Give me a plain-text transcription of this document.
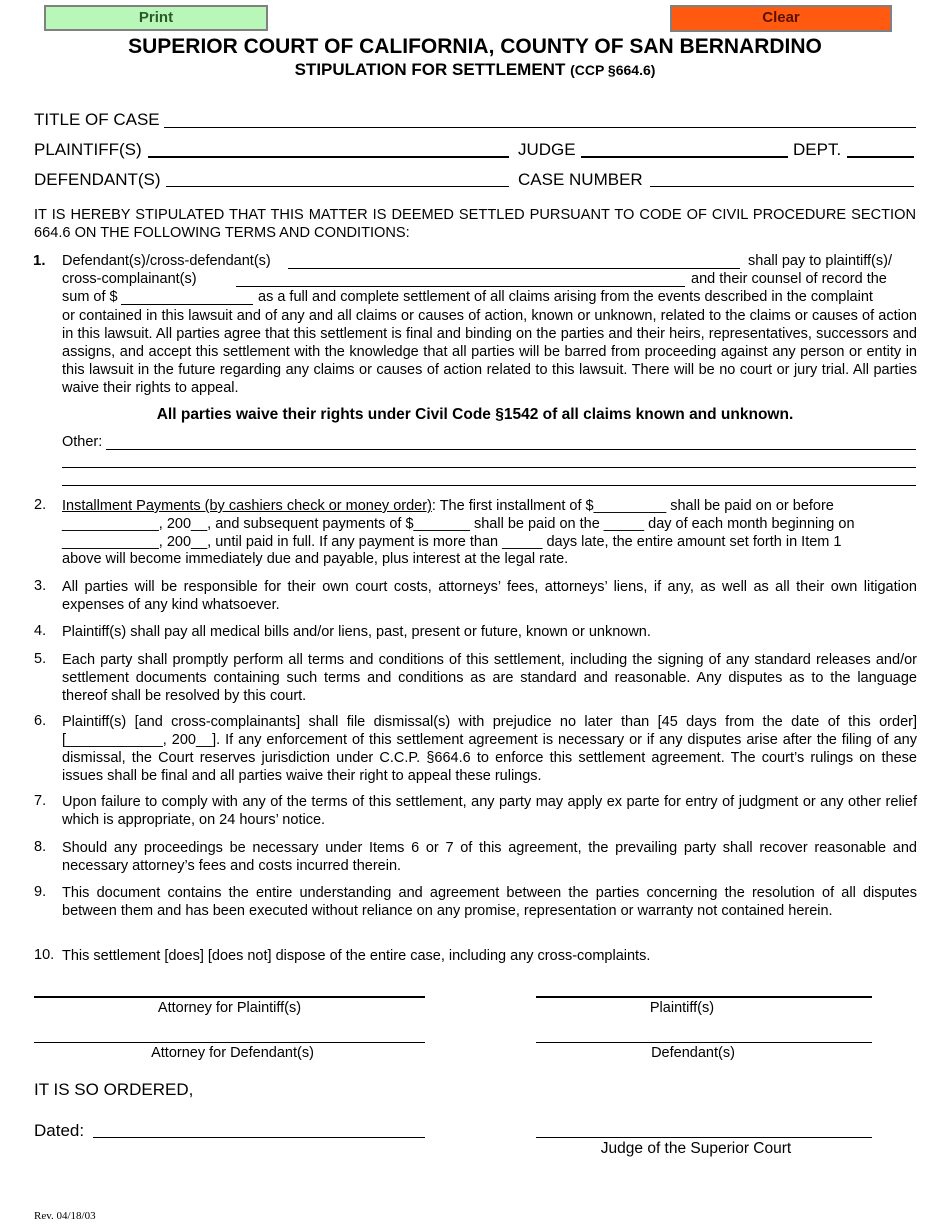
Print	Clear
SUPERIOR COURT OF CALIFORNIA, COUNTY OF SAN BERNARDINO
STIPULATION FOR SETTLEMENT (CCP §664.6)
TITLE OF CASE
PLAINTIFF(S)	JUDGE	DEPT.
DEFENDANT(S)	CASE NUMBER
IT IS HEREBY STIPULATED THAT THIS MATTER IS DEEMED SETTLED PURSUANT TO CODE OF CIVIL PROCEDURE SECTION 664.6 ON THE FOLLOWING TERMS AND CONDITIONS:
1. Defendant(s)/cross-defendant(s)	shall pay to plaintiff(s)/
cross-complainant(s)	and their counsel of record the
sum of $	as a full and complete settlement of all claims arising from the events described in the complaint
or contained in this lawsuit and of any and all claims or causes of action, known or unknown, related to the claims or causes of action in this lawsuit. All parties agree that this settlement is final and binding on the parties and their heirs, representatives, successors and assigns, and accept this settlement with the knowledge that all parties will be barred from proceeding against any person or entity in this lawsuit in the future regarding any claims or causes of action related to this lawsuit. There will be no court or jury trial. All parties waive their rights to appeal.
All parties waive their rights under Civil Code §1542 of all claims known and unknown.
Other:
2. Installment Payments (by cashiers check or money order): The first installment of $_________ shall be paid on or before
____________, 200__, and subsequent payments of $_______ shall be paid on the _____ day of each month beginning on
____________, 200__, until paid in full. If any payment is more than _____ days late, the entire amount set forth in Item 1
above will become immediately due and payable, plus interest at the legal rate.
3. All parties will be responsible for their own court costs, attorneys’ fees, attorneys’ liens, if any, as well as all their own litigation expenses of any kind whatsoever.
4. Plaintiff(s) shall pay all medical bills and/or liens, past, present or future, known or unknown.
5. Each party shall promptly perform all terms and conditions of this settlement, including the signing of any standard releases and/or settlement documents containing such terms and conditions as are standard and reasonable. Any disputes as to the language thereof shall be resolved by this court.
6. Plaintiff(s) [and cross-complainants] shall file dismissal(s) with prejudice no later than [45 days from the date of this order] [____________, 200__]. If any enforcement of this settlement agreement is necessary or if any disputes arise after the filing of any dismissal, the Court reserves jurisdiction under C.C.P. §664.6 to enforce this settlement agreement. The court’s rulings on these issues shall be final and all parties waive their right to appeal these rulings.
7. Upon failure to comply with any of the terms of this settlement, any party may apply ex parte for entry of judgment or any other relief which is appropriate, on 24 hours’ notice.
8. Should any proceedings be necessary under Items 6 or 7 of this agreement, the prevailing party shall recover reasonable and necessary attorney’s fees and costs incurred therein.
9. This document contains the entire understanding and agreement between the parties concerning the resolution of all disputes between them and has been executed without reliance on any promise, representation or warranty not contained herein.
10. This settlement [does] [does not] dispose of the entire case, including any cross-complaints.
Attorney for Plaintiff(s)	Plaintiff(s)
Attorney for Defendant(s)	Defendant(s)
IT IS SO ORDERED,
Dated:
Judge of the Superior Court
Rev. 04/18/03
